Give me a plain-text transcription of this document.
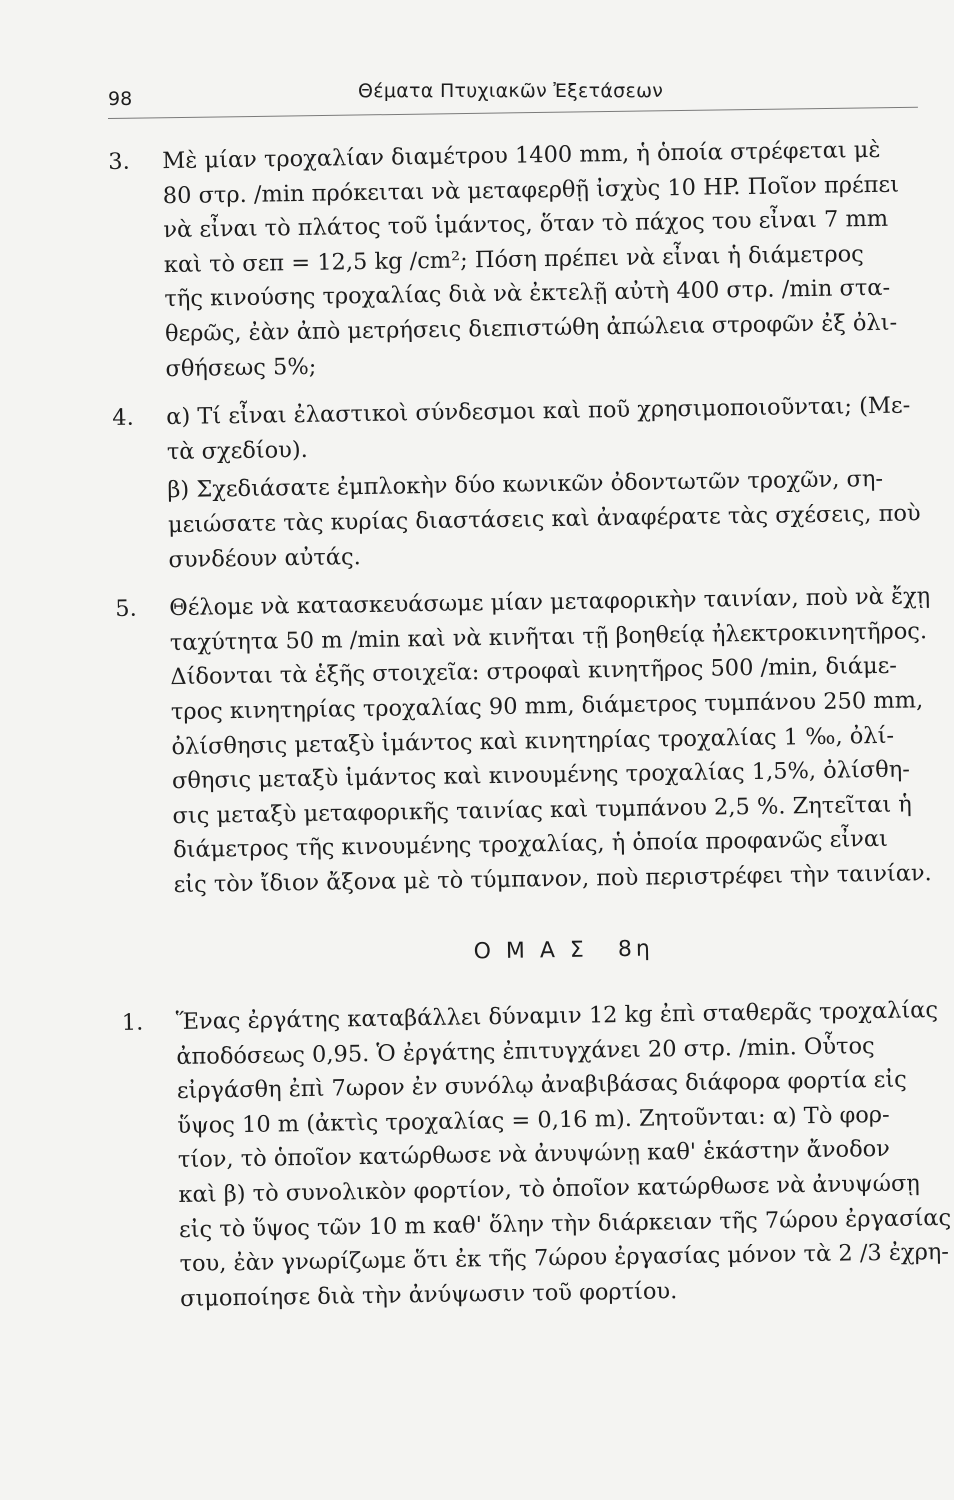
98	Θέματα Πτυχιακῶν Ἐξετάσεων
3.	Μὲ μίαν τροχαλίαν διαμέτρου 1400 mm, ἡ ὁποία στρέφεται μὲ
80 στρ. /min πρόκειται νὰ μεταφερθῇ ἰσχὺς 10 HP. Ποῖον πρέπει
νὰ εἶναι τὸ πλάτος τοῦ ἱμάντος, ὅταν τὸ πάχος του εἶναι 7 mm
καὶ τὸ σεπ = 12,5 kg /cm²; Πόση πρέπει νὰ εἶναι ἡ διάμετρος
τῆς κινούσης τροχαλίας διὰ νὰ ἐκτελῇ αὐτὴ 400 στρ. /min στα-
θερῶς, ἐὰν ἀπὸ μετρήσεις διεπιστώθη ἀπώλεια στροφῶν ἐξ ὀλι-
σθήσεως 5%;
4.	α) Τί εἶναι ἐλαστικοὶ σύνδεσμοι καὶ ποῦ χρησιμοποιοῦνται; (Με-
τὰ σχεδίου).
β) Σχεδιάσατε ἐμπλοκὴν δύο κωνικῶν ὀδοντωτῶν τροχῶν, ση-
μειώσατε τὰς κυρίας διαστάσεις καὶ ἀναφέρατε τὰς σχέσεις, ποὺ
συνδέουν αὐτάς.
5.	Θέλομε νὰ κατασκευάσωμε μίαν μεταφορικὴν ταινίαν, ποὺ νὰ ἔχῃ
ταχύτητα 50 m /min καὶ νὰ κινῆται τῇ βοηθείᾳ ἠλεκτροκινητῆρος.
Δίδονται τὰ ἑξῆς στοιχεῖα: στροφαὶ κινητῆρος 500 /min, διάμε-
τρος κινητηρίας τροχαλίας 90 mm, διάμετρος τυμπάνου 250 mm,
ὀλίσθησις μεταξὺ ἱμάντος καὶ κινητηρίας τροχαλίας 1 ‰, ὀλί-
σθησις μεταξὺ ἱμάντος καὶ κινουμένης τροχαλίας 1,5%, ὀλίσθη-
σις μεταξὺ μεταφορικῆς ταινίας καὶ τυμπάνου 2,5 %. Ζητεῖται ἡ
διάμετρος τῆς κινουμένης τροχαλίας, ἡ ὁποία προφανῶς εἶναι
εἰς τὸν ἴδιον ἄξονα μὲ τὸ τύμπανον, ποὺ περιστρέφει τὴν ταινίαν.
Ο Μ Α Σ 8η
1.	Ἕνας ἐργάτης καταβάλλει δύναμιν 12 kg ἐπὶ σταθερᾶς τροχαλίας
ἀποδόσεως 0,95. Ὁ ἐργάτης ἐπιτυγχάνει 20 στρ. /min. Οὗτος
εἰργάσθη ἐπὶ 7ωρον ἐν συνόλῳ ἀναβιβάσας διάφορα φορτία εἰς
ὕψος 10 m (ἀκτὶς τροχαλίας = 0,16 m). Ζητοῦνται: α) Τὸ φορ-
τίον, τὸ ὁποῖον κατώρθωσε νὰ ἀνυψώνῃ καθ' ἑκάστην ἄνοδον
καὶ β) τὸ συνολικὸν φορτίον, τὸ ὁποῖον κατώρθωσε νὰ ἀνυψώσῃ
εἰς τὸ ὕψος τῶν 10 m καθ' ὅλην τὴν διάρκειαν τῆς 7ώρου ἐργασίας
του, ἐὰν γνωρίζωμε ὅτι ἐκ τῆς 7ώρου ἐργασίας μόνον τὰ 2 /3 ἐχρη-
σιμοποίησε διὰ τὴν ἀνύψωσιν τοῦ φορτίου.
